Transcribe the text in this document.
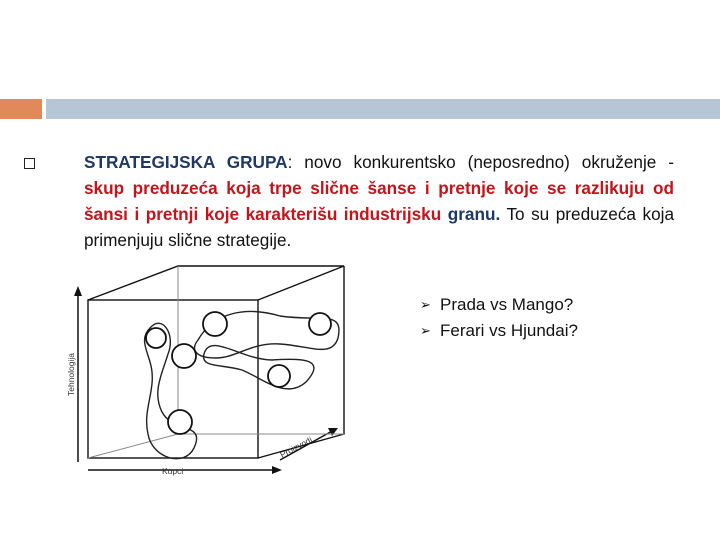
STRATEGIJSKA GRUPA: novo konkurentsko (neposredno) okruženje - skup preduzeća koja trpe slične šanse i pretnje koje se razlikuju od šansi i pretnji koje karakterišu industrijsku granu. To su preduzeća koja primenjuju slične strategije.
Tehnologija
Kupci
Proizvodi
➢ Prada vs Mango?
➢ Ferari vs Hjundai?
